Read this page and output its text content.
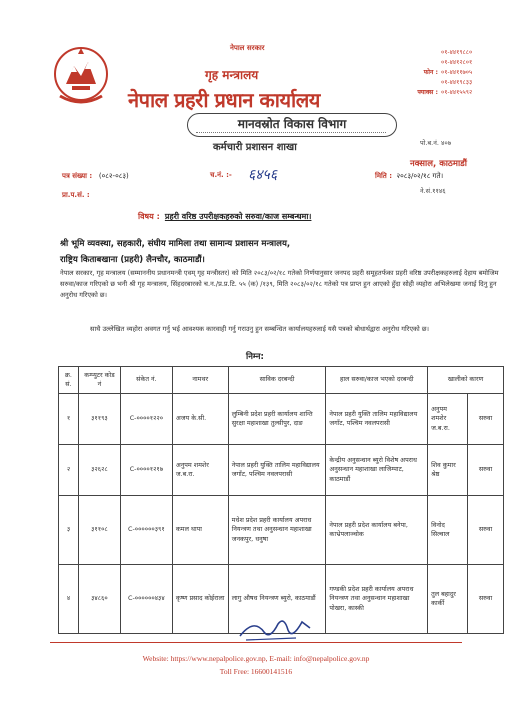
नेपाल सरकार
गृह मन्त्रालय
नेपाल प्रहरी प्रधान कार्यालय
०१-४४१९८८०
०१-४४१२८०१
फोन : ०१-४४११७०५
०१-४४१९८३३
फ्याक्स : ०१-४४१५५९२
मानवस्रोत विकास विभाग
कर्मचारी प्रशासन शाखा	पो.ब.नं. ४०७
नक्साल, काठमाडौं
पत्र संख्या : (०८२-०८३)	च.नं. :- ६४५६	मिति : २०८३/०२/१८ गते।
प्रा.प.सं. :	ने.सं.११४६
विषय : प्रहरी वरिष्ठ उपरीक्षकहरुको सरुवा/काज सम्बन्धमा।
श्री भूमि व्यवस्था, सहकारी, संघीय मामिला तथा सामान्य प्रशासन मन्त्रालय,
राष्ट्रिय किताबखाना (प्रहरी) लैनचौर, काठमाडौं।
नेपाल सरकार, गृह मन्त्रालय (सम्माननीय प्रधानमन्त्री एवम् गृह मन्त्रीस्तर) को मिति २०८३/०२/१८ गतेको निर्णयानुसार जनपद प्रहरी समूहतर्फका प्रहरी वरिष्ठ उपरीक्षकहरुलाई देहाय बमोजिम सरुवा/काज गरिएको छ भनी श्री गृह मन्त्रालय, सिंहदरबारको च.न./प्र.प्र.टि. ५५ (क) /१३९, मिति २०८३/०२/१८ गतेको पत्र प्राप्त हुन आएको हुँदा सोही व्यहोरा अभिलेखमा जनाई दिनु हुन अनुरोध गरिएको छ।
साथै उल्लेखित व्यहोरा अवगत गर्नु भई आवश्यक कारवाही गर्नु गराउनु हुन सम्बन्धित कार्यालयहरुलाई यसै पत्रको बोधार्थद्वारा अनुरोध गरिएको छ।
निम्न:
क्र. सं.	कम्प्युटर कोड नं	संकेत नं.	नामथर	साविक दरबन्दी	हाल सरुवा/काज भएको दरबन्दी	खालीको कारण	
१	३११९३	C-००००१२२०	अजय के.सी.	लुम्बिनी प्रदेश प्रहरी कार्यालय शान्ति सुरक्षा महाशाखा तुल्सीपुर, दाङ	नेपाल प्रहरी युक्ति तालिम महाविद्यालय जगाँट, पश्चिम नवलपरासी	अनुपम शमशेर ज.ब.रा.	सरुवा
२	३२६२८	C-००००१२१७	अनुपम शमशेर ज.ब.रा.	नेपाल प्रहरी युक्ति तालिम महाविद्यालय जगाँट, पश्चिम नवलपरासी	केन्द्रीय अनुसन्धान ब्युरो विशेष अपराध अनुसन्धान महाशाखा लाजिम्पाट, काठमाडौं	शिव कुमार श्रेष्ठ	सरुवा
३	३११०८	C-००००००३९१	कमल थापा	मधेश प्रदेश प्रहरी कार्यालय अपराध नियन्त्रण तथा अनुसन्धान महाशाखा जनकपुर, धनुषा	नेपाल प्रहरी प्रदेश कार्यालय बनेपा, काभ्रेपलाञ्चोक	विनोद सिल्वाल	सरुवा
४	३४८६०	C-००००००४३४	कृष्ण प्रसाद कोईराला	लागु औषध नियन्त्रण ब्युरो, काठमाडौं	गण्डकी प्रदेश प्रहरी कार्यालय अपराध नियन्त्रण तथा अनुसन्धान महाशाखा पोखरा, कास्की	तुल बहादुर कार्की	सरुवा
Website: https://www.nepalpolice.gov.np, E-mail: info@nepalpolice.gov.np
Toll Free: 16600141516
